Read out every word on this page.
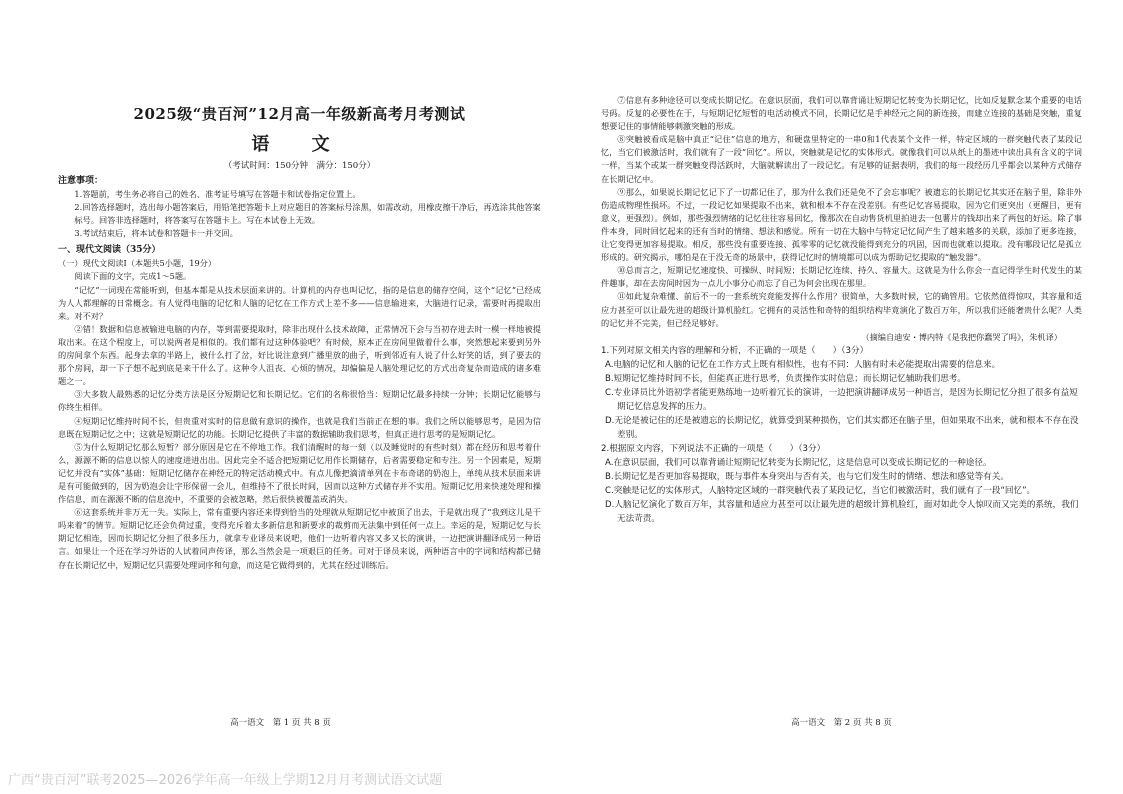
2025级“贵百河”12月高一年级新高考月考测试
语 文
（考试时间：150分钟　满分：150分）
注意事项：
1.答题前，考生务必将自己的姓名、准考证号填写在答题卡和试卷指定位置上。
2.回答选择题时，选出每小题答案后，用铅笔把答题卡上对应题目的答案标号涂黑，如需改动，用橡皮擦干净后，再选涂其他答案标号。回答非选择题时，将答案写在答题卡上。写在本试卷上无效。
3.考试结束后，将本试卷和答题卡一并交回。
一、现代文阅读（35分）
（一）现代文阅读Ⅰ（本题共5小题，19分）
阅读下面的文字，完成1～5题。
“记忆”一词现在常能听到，但基本都是从技术层面来讲的。计算机的内存也叫记忆，指的是信息的储存空间，这个“记忆”已经成为人人都理解的日常概念。有人觉得电脑的记忆和人脑的记忆在工作方式上差不多——信息输进来，大脑进行记录，需要时再提取出来。对不对？
②错！数据和信息被输进电脑的内存，等到需要提取时，除非出现什么技术故障，正常情况下会与当初存进去时一模一样地被提取出来。在这个程度上，可以说两者是相似的。我们都有过这种体验吧？有时候，原本正在房间里做着什么事，突然想起来要到另外的房间拿个东西。起身去拿的半路上，被什么打了岔，好比说注意到广播里放的曲子，听到邻近有人说了什么好笑的话，到了要去的那个房间，却一下子想不起到底是来干什么了。这种令人沮丧、心烦的情况，却偏偏是人脑处理记忆的方式出奇复杂而造成的诸多难题之一。
③大多数人最熟悉的记忆分类方法是区分短期记忆和长期记忆。它们的名称很恰当：短期记忆最多持续一分钟；长期记忆能够与你终生相伴。
④短期记忆维持时间不长，但贵重对实时的信息做有意识的操作，也就是我们当前正在想的事。我们之所以能够思考，是因为信息既在短期记忆之中；这就是短期记忆的功能。长期记忆提供了丰富的数据辅助我们思考，但真正进行思考的是短期记忆。
⑤为什么短期记忆那么短暂？部分原因是它在不停地工作。我们清醒时的每一刻（以及睡觉时的有些时刻）都在经历和思考着什么，源源不断的信息以惊人的速度进进出出。因此完全不适合把短期记忆用作长期储存，后者需要稳定和专注。另一个因素是，短期记忆并没有“实体”基础：短期记忆储存在神经元的特定活动模式中。有点儿像把滴清单列在卡布奇诺的奶泡上，单纯从技术层面来讲是有可能做到的，因为奶泡会让字形保留一会儿，但维持不了很长时间，因而以这种方式储存并不实用。短期记忆用来快速处理和操作信息，而在源源不断的信息流中，不重要的会被忽略，然后很快被覆盖或消失。
⑥这套系统并非万无一失。实际上，常有重要内容还来得到恰当的处理就从短期记忆中被顶了出去，于是就出现了“我到这儿是干吗来着”的情节。短期记忆还会负荷过重，变得充斥着太多新信息和新要求的裁剪而无法集中到任何一点上。幸运的是，短期记忆与长期记忆相连，因而长期记忆分担了很多压力，就拿专业译员来说吧，他们一边听着内容又多又长的演讲，一边把演讲翻译成另一种语言。如果让一个还在学习外语的人试着同声传译，那么当然会是一项艰巨的任务。可对于译员来说，两种语言中的字词和结构都已储存在长期记忆中，短期记忆只需要处理词序和句意，而这是它做得到的，尤其在经过训练后。
高一语文　第 1 页 共 8 页
⑦信息有多种途径可以变成长期记忆。在意识层面，我们可以靠背诵让短期记忆转变为长期记忆，比如反复默念某个重要的电话号码。反复的必要性在于，与短期记忆短暂的电活动模式不同，长期记忆是手神经元之间的新连接，而建立连接的基础是突触，重复想要记住的事情能够刺激突触的形成。
⑧突触被看成是脑中真正“记住”信息的地方，和硬盘里特定的一串0和1代表某个文件一样，特定区域的一群突触代表了某段记忆，当它们被激活时，我们就有了一段“回忆”。所以，突触就是记忆的实体形式。就像我们可以从纸上的墨迹中读出具有含义的字词一样，当某个或某一群突触变得活跃时，大脑就解读出了一段记忆。有足够的证据表明，我们的每一段经历几乎都会以某种方式储存在长期记忆中。
⑨那么，如果说长期记忆记下了一切都记住了，那为什么我们还是免不了会忘事呢？被遗忘的长期记忆其实还在脑子里，除非外伤造成物理性损坏。不过，一段记忆如果提取不出来，就和根本不存在没差别。有些记忆容易提取，因为它们更突出（更醒目，更有意义，更强烈）。例如，那些强烈情绪的记忆往往容易回忆，像那次在自动售货机里拍进去一包薯片的钱却出来了两包的好运。除了事件本身，同时回忆起来的还有当时的情绪、想法和感觉。所有一切在大脑中与特定记忆间产生了越来越多的关联，添加了更多连接，让它变得更加容易提取。相反，那些没有重要连接、孤零零的记忆就没能得到充分的巩固，因而也就难以提取。没有哪段记忆是孤立形成的。研究揭示，哪怕是在于没无奇的场景中，获得记忆时的情境都可以成为帮助记忆提取的“触发器”。
⑩总而言之，短期记忆速度快、可操纵、时间短；长期记忆连续、持久、容量大。这就是为什么你会一直记得学生时代发生的某件趣事，却在去房间时因为一点儿小事分心而忘了自己为何会出现在那里。
⑪如此复杂难懂、前后不一的一套系统究竟能发挥什么作用？很简单，大多数时候，它的确管用。它依然值得惊叹，其容量和适应力甚至可以让最先进的超级计算机脸红。它拥有的灵活性和奇特的组织结构毕竟演化了数百万年，所以我们还能奢贵什么呢？人类的记忆并不完美，但已经足够好。
（摘编自迪安・博内特《是我把你蠢哭了吗》，朱机译）
1.下列对原文相关内容的理解和分析，不正确的一项是（　　）（3分）
A.电脑的记忆和人脑的记忆在工作方式上既有相似性，也有不同：人脑有时未必能提取出需要的信息来。
B.短期记忆维持时间不长，但能真正进行思考，负责操作实时信息；而长期记忆辅助我们思考。
C.专业译员比外语初学者能更熟练地一边听着冗长的演讲，一边把演讲翻译成另一种语言，是因为长期记忆分担了很多有益短期记忆信息发挥的压力。
D.无论是被记住的还是被遗忘的长期记忆，就算受到某种损伤，它们其实都还在脑子里，但如果取不出来，就和根本不存在没差别。
2.根据原文内容，下列说法不正确的一项是（　　）（3分）
A.在意识层面，我们可以靠背诵让短期记忆转变为长期记忆，这是信息可以变成长期记忆的一种途径。
B.长期记忆是否更加容易提取，既与事件本身突出与否有关，也与它们发生时的情绪、想法和感觉等有关。
C.突触是记忆的实体形式，人脑特定区域的一群突触代表了某段记忆，当它们被激活时，我们就有了一段“回忆”。
D.人脑记忆演化了数百万年，其容量和适应力甚至可以让最先进的超级计算机脸红，面对如此令人惊叹而又完美的系统，我们无法苛责。
高一语文　第 2 页 共 8 页
广西“贵百河”联考2025—2026学年高一年级上学期12月月考测试语文试题
